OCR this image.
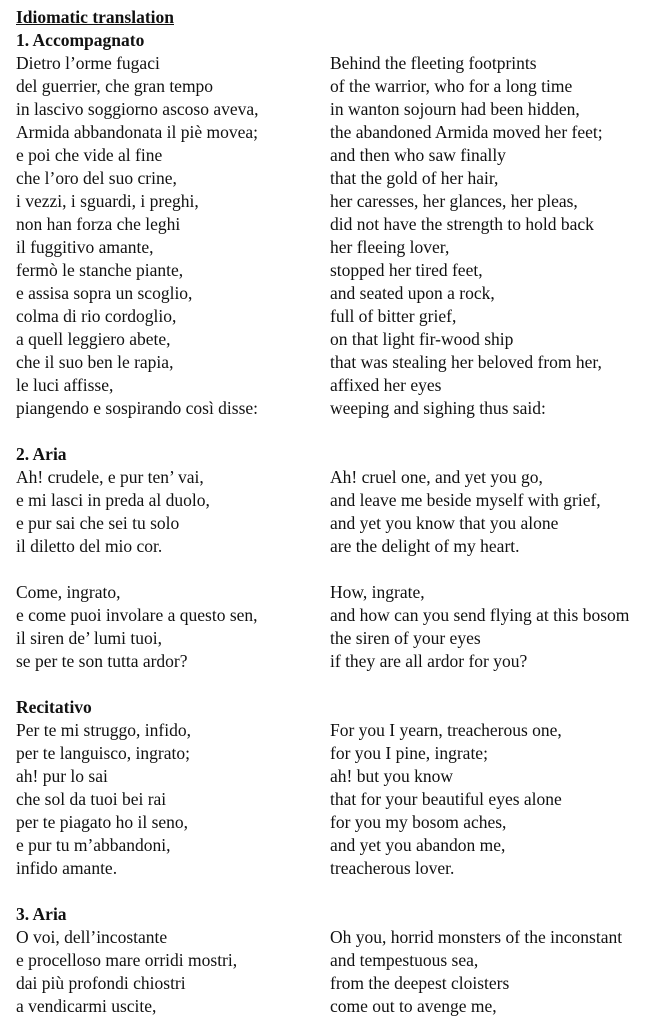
Idiomatic translation
1. Accompagnato
Dietro l’orme fugaci	Behind the fleeting footprints
del guerrier, che gran tempo	of the warrior, who for a long time
in lascivo soggiorno ascoso aveva,	in wanton sojourn had been hidden,
Armida abbandonata il piè movea;	the abandoned Armida moved her feet;
e poi che vide al fine	and then who saw finally
che l’oro del suo crine,	that the gold of her hair,
i vezzi, i sguardi, i preghi,	her caresses, her glances, her pleas,
non han forza che leghi	did not have the strength to hold back
il fuggitivo amante,	her fleeing lover,
fermò le stanche piante,	stopped her tired feet,
e assisa sopra un scoglio,	and seated upon a rock,
colma di rio cordoglio,	full of bitter grief,
a quell leggiero abete,	on that light fir-wood ship
che il suo ben le rapia,	that was stealing her beloved from her,
le luci affisse,	affixed her eyes
piangendo e sospirando così disse:	weeping and sighing thus said:
2. Aria
Ah! crudele, e pur ten’ vai,	Ah! cruel one, and yet you go,
e mi lasci in preda al duolo,	and leave me beside myself with grief,
e pur sai che sei tu solo	and yet you know that you alone
il diletto del mio cor.	are the delight of my heart.
Come, ingrato,	How, ingrate,
e come puoi involare a questo sen,	and how can you send flying at this bosom
il siren de’ lumi tuoi,	the siren of your eyes
se per te son tutta ardor?	if they are all ardor for you?
Recitativo
Per te mi struggo, infido,	For you I yearn, treacherous one,
per te languisco, ingrato;	for you I pine, ingrate;
ah! pur lo sai	ah! but you know
che sol da tuoi bei rai	that for your beautiful eyes alone
per te piagato ho il seno,	for you my bosom aches,
e pur tu m’abbandoni,	and yet you abandon me,
infido amante.	treacherous lover.
3. Aria
O voi, dell’incostante	Oh you, horrid monsters of the inconstant
e procelloso mare orridi mostri,	and tempestuous sea,
dai più profondi chiostri	from the deepest cloisters
a vendicarmi uscite,	come out to avenge me,
